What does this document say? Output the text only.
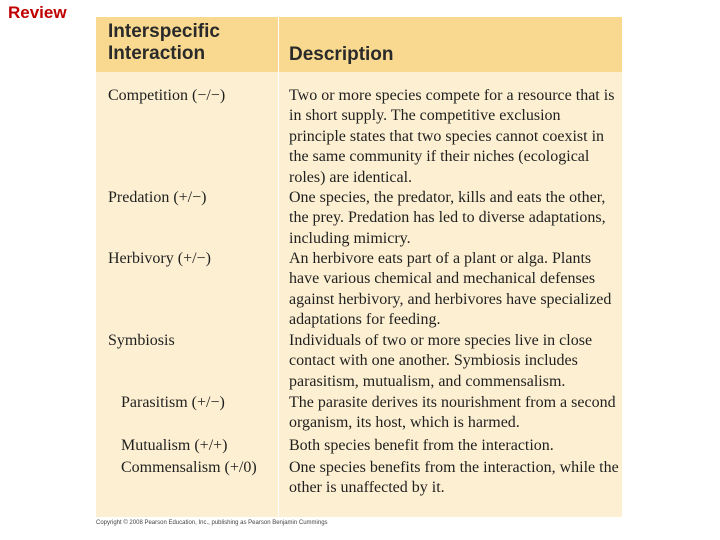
Review
Interspecific Interaction	Description
Competition (−/−)	Two or more species compete for a resource that is in short supply. The competitive exclusion principle states that two species cannot coexist in the same community if their niches (ecological roles) are identical.
Predation (+/−)	One species, the predator, kills and eats the other, the prey. Predation has led to diverse adaptations, including mimicry.
Herbivory (+/−)	An herbivore eats part of a plant or alga. Plants have various chemical and mechanical defenses against herbivory, and herbivores have specialized adaptations for feeding.
Symbiosis	Individuals of two or more species live in close contact with one another. Symbiosis includes parasitism, mutualism, and commensalism.
Parasitism (+/−)	The parasite derives its nourishment from a second organism, its host, which is harmed.
Mutualism (+/+)	Both species benefit from the interaction.
Commensalism (+/0) One species benefits from the interaction, while the other is unaffected by it.
Copyright © 2008 Pearson Education, Inc., publishing as Pearson Benjamin Cummings
